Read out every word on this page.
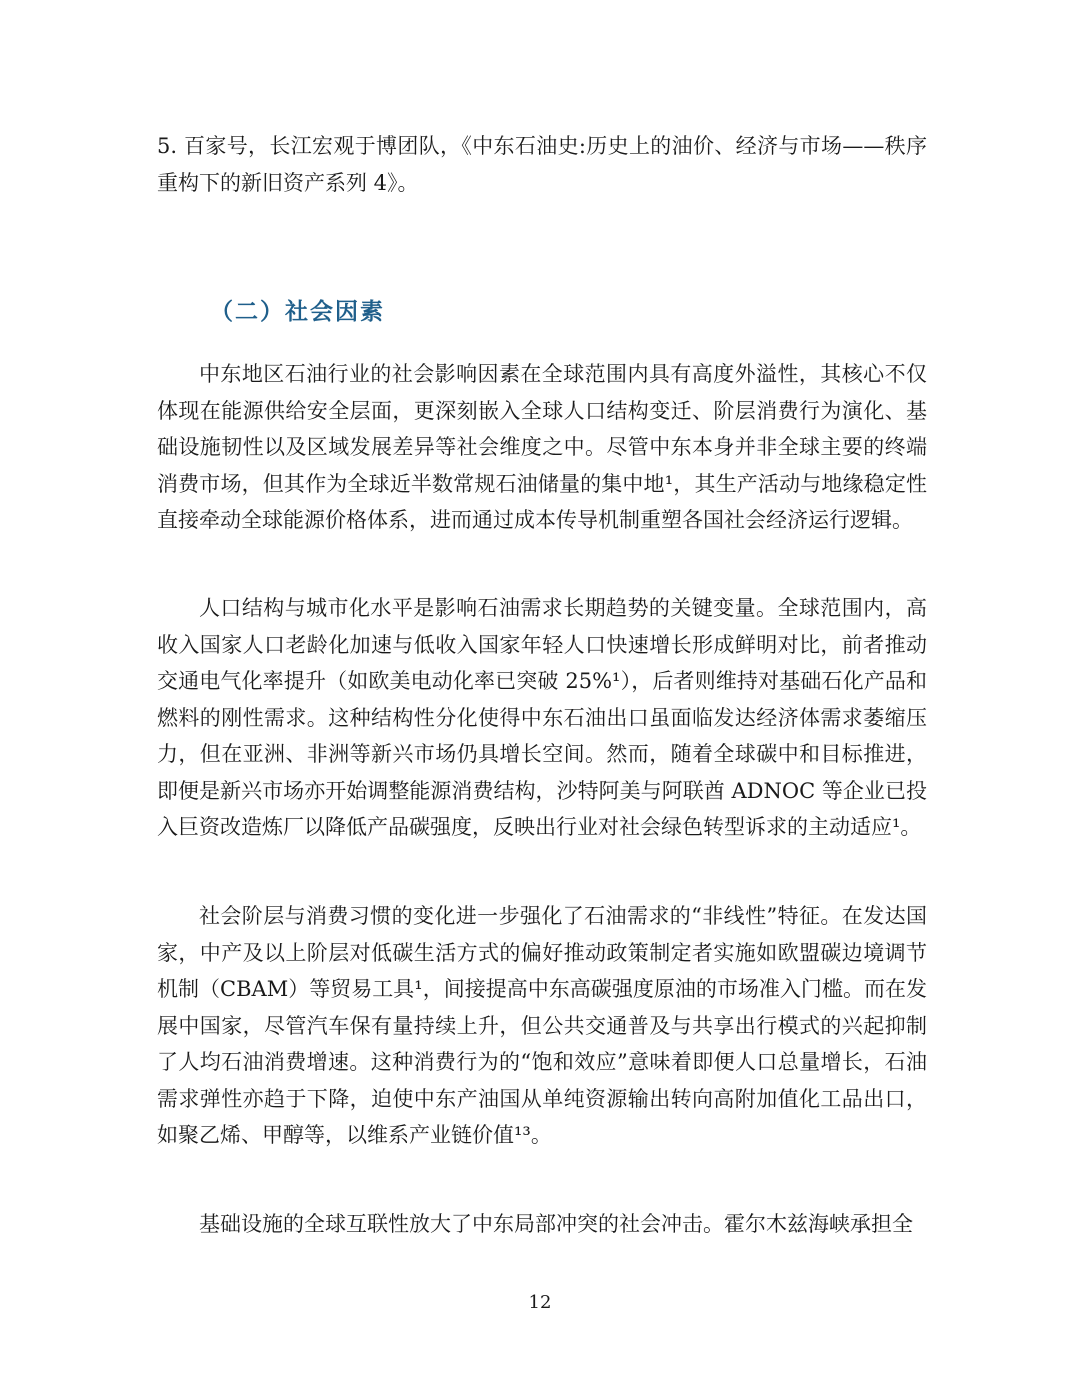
5. 百家号，长江宏观于博团队，《中东石油史:历史上的油价、经济与市场——秩序重构下的新旧资产系列 4》。

（二）社会因素

中东地区石油行业的社会影响因素在全球范围内具有高度外溢性，其核心不仅体现在能源供给安全层面，更深刻嵌入全球人口结构变迁、阶层消费行为演化、基础设施韧性以及区域发展差异等社会维度之中。尽管中东本身并非全球主要的终端消费市场，但其作为全球近半数常规石油储量的集中地¹，其生产活动与地缘稳定性直接牵动全球能源价格体系，进而通过成本传导机制重塑各国社会经济运行逻辑。

人口结构与城市化水平是影响石油需求长期趋势的关键变量。全球范围内，高收入国家人口老龄化加速与低收入国家年轻人口快速增长形成鲜明对比，前者推动交通电气化率提升（如欧美电动化率已突破 25%¹），后者则维持对基础石化产品和燃料的刚性需求。这种结构性分化使得中东石油出口虽面临发达经济体需求萎缩压力，但在亚洲、非洲等新兴市场仍具增长空间。然而，随着全球碳中和目标推进，即便是新兴市场亦开始调整能源消费结构，沙特阿美与阿联酋 ADNOC 等企业已投入巨资改造炼厂以降低产品碳强度，反映出行业对社会绿色转型诉求的主动适应¹。

社会阶层与消费习惯的变化进一步强化了石油需求的“非线性”特征。在发达国家，中产及以上阶层对低碳生活方式的偏好推动政策制定者实施如欧盟碳边境调节机制（CBAM）等贸易工具¹，间接提高中东高碳强度原油的市场准入门槛。而在发展中国家，尽管汽车保有量持续上升，但公共交通普及与共享出行模式的兴起抑制了人均石油消费增速。这种消费行为的“饱和效应”意味着即便人口总量增长，石油需求弹性亦趋于下降，迫使中东产油国从单纯资源输出转向高附加值化工品出口，如聚乙烯、甲醇等，以维系产业链价值¹³。

基础设施的全球互联性放大了中东局部冲突的社会冲击。霍尔木兹海峡承担全

12
